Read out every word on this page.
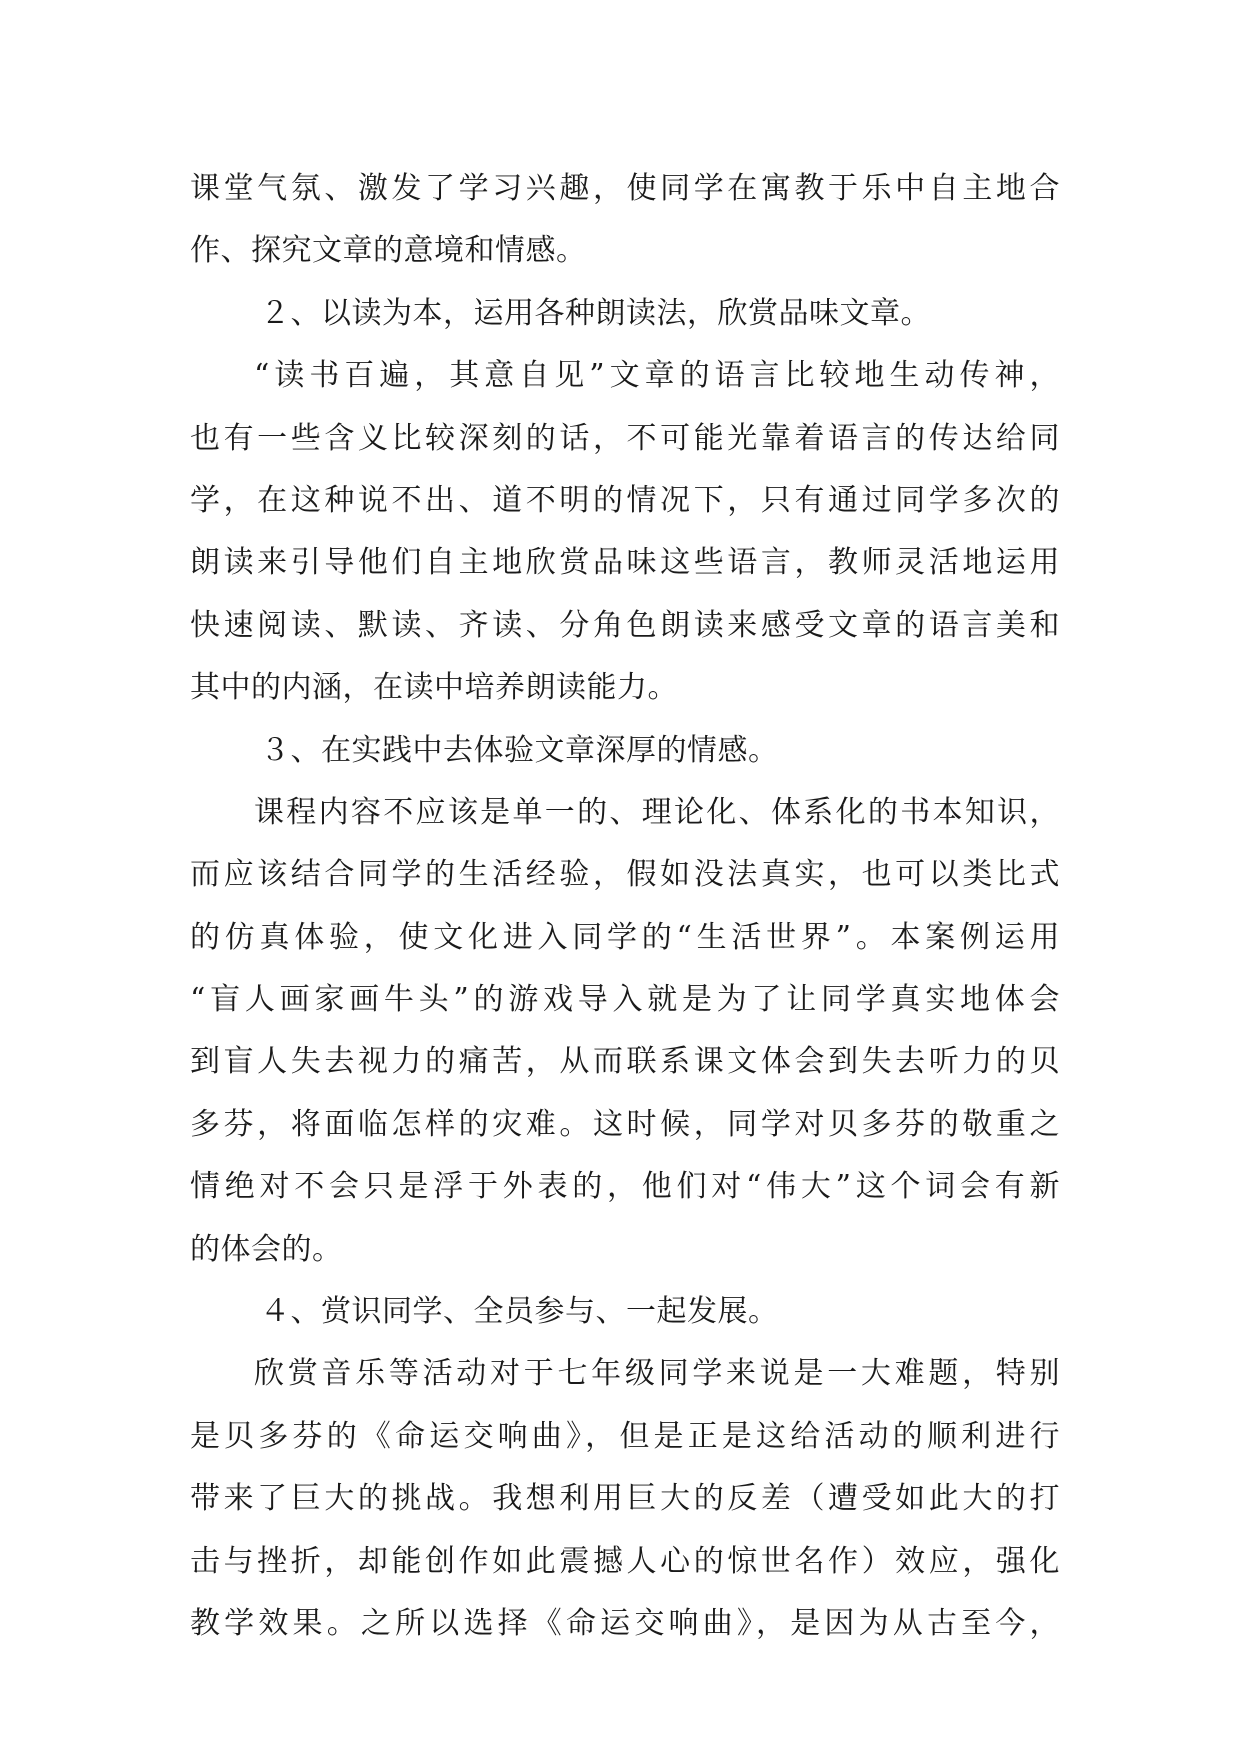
课堂气氛、激发了学习兴趣，使同学在寓教于乐中自主地合
作、探究文章的意境和情感。
２、以读为本，运用各种朗读法，欣赏品味文章。
“读书百遍，其意自见”文章的语言比较地生动传神，
也有一些含义比较深刻的话，不可能光靠着语言的传达给同
学，在这种说不出、道不明的情况下，只有通过同学多次的
朗读来引导他们自主地欣赏品味这些语言，教师灵活地运用
快速阅读、默读、齐读、分角色朗读来感受文章的语言美和
其中的内涵，在读中培养朗读能力。
３、在实践中去体验文章深厚的情感。
课程内容不应该是单一的、理论化、体系化的书本知识，
而应该结合同学的生活经验，假如没法真实，也可以类比式
的仿真体验，使文化进入同学的“生活世界”。本案例运用
“盲人画家画牛头”的游戏导入就是为了让同学真实地体会
到盲人失去视力的痛苦，从而联系课文体会到失去听力的贝
多芬，将面临怎样的灾难。这时候，同学对贝多芬的敬重之
情绝对不会只是浮于外表的，他们对“伟大”这个词会有新
的体会的。
４、赏识同学、全员参与、一起发展。
欣赏音乐等活动对于七年级同学来说是一大难题，特别
是贝多芬的《命运交响曲》，但是正是这给活动的顺利进行
带来了巨大的挑战。我想利用巨大的反差（遭受如此大的打
击与挫折，却能创作如此震撼人心的惊世名作）效应，强化
教学效果。之所以选择《命运交响曲》，是因为从古至今，
